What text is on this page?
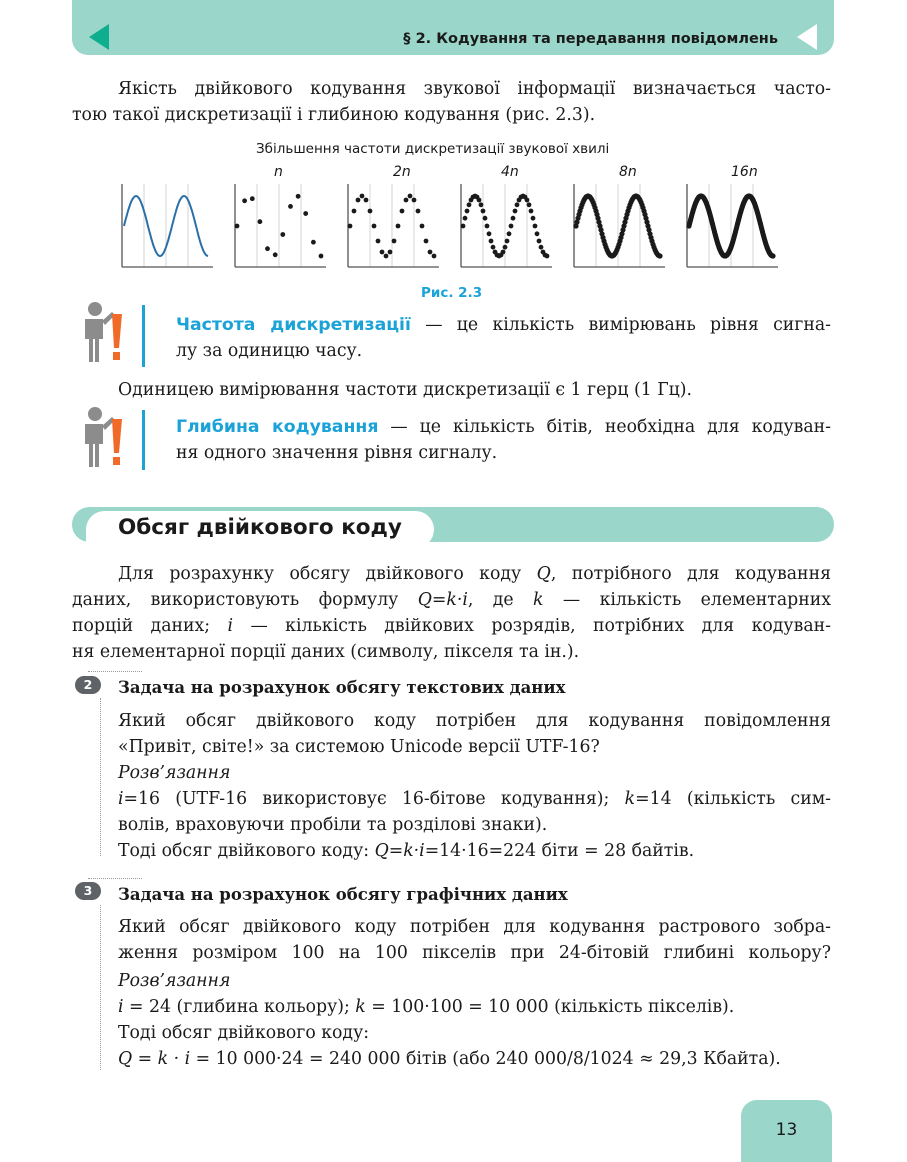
§ 2. Кодування та передавання повідомлень
Якість двійкового кодування звукової інформації визначається часто-
тою такої дискретизації і глибиною кодування (рис. 2.3).
Збільшення частоти дискретизації звукової хвилі
n	2n	4n	8n	16n
Рис. 2.3
Частота дискретизації — це кількість вимірювань рівня сигна-
лу за одиницю часу.
Одиницею вимірювання частоти дискретизації є 1 герц (1 Гц).
Глибина кодування — це кількість бітів, необхідна для кодуван-
ня одного значення рівня сигналу.
Обсяг двійкового коду
Для розрахунку обсягу двійкового коду Q, потрібного для кодування
даних, використовують формулу Q=k·i, де k — кількість елементарних
порцій даних; i — кількість двійкових розрядів, потрібних для кодуван-
ня елементарної порції даних (символу, пікселя та ін.).
2	Задача на розрахунок обсягу текстових даних
Який обсяг двійкового коду потрібен для кодування повідомлення
«Привіт, світе!» за системою Unicode версії UTF-16?
Розв’язання
i=16 (UTF-16 використовує 16-бітове кодування); k=14 (кількість сим-
волів, враховуючи пробіли та розділові знаки).
Тоді обсяг двійкового коду: Q=k·i=14·16=224 біти = 28 байтів.
3	Задача на розрахунок обсягу графічних даних
Який обсяг двійкового коду потрібен для кодування растрового зобра-
ження розміром 100 на 100 пікселів при 24-бітовій глибині кольору?
Розв’язання
i = 24 (глибина кольору); k = 100·100 = 10 000 (кількість пікселів).
Тоді обсяг двійкового коду:
Q = k · i = 10 000·24 = 240 000 бітів (або 240 000/8/1024 ≈ 29,3 Кбайта).
13
